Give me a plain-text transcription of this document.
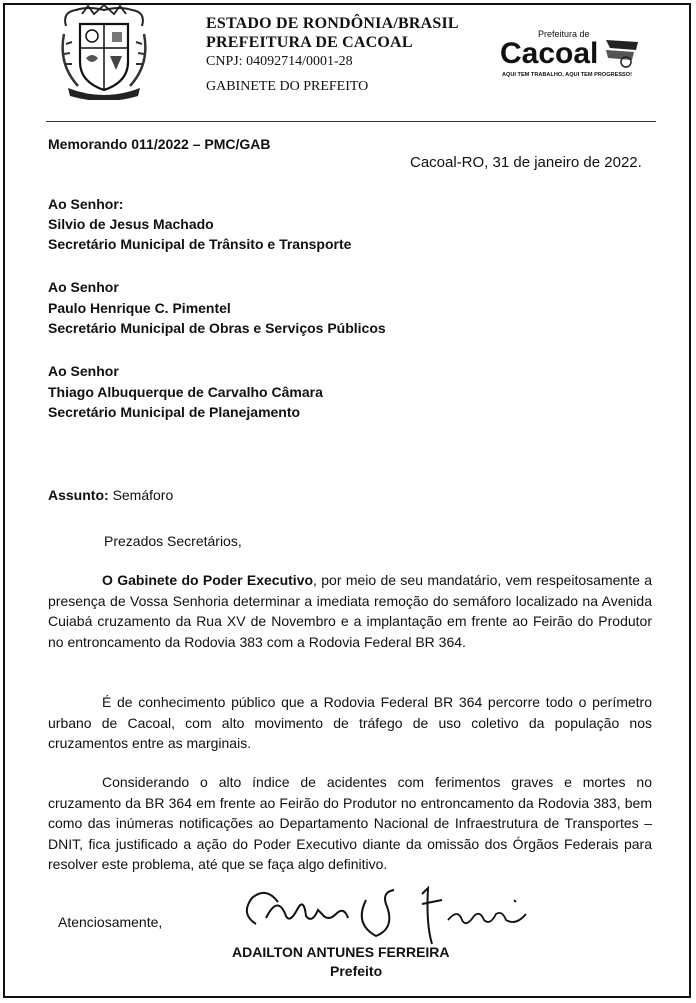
ESTADO DE RONDÔNIA/BRASIL
PREFEITURA DE CACOAL
CNPJ: 04092714/0001-28
GABINETE DO PREFEITO
Prefeitura de
Cacoal
AQUI TEM TRABALHO, AQUI TEM PROGRESSO!
Memorando 011/2022 – PMC/GAB
Cacoal-RO, 31 de janeiro de 2022.
Ao Senhor:
Silvio de Jesus Machado
Secretário Municipal de Trânsito e Transporte
Ao Senhor
Paulo Henrique C. Pimentel
Secretário Municipal de Obras e Serviços Públicos
Ao Senhor
Thiago Albuquerque de Carvalho Câmara
Secretário Municipal de Planejamento
Assunto: Semáforo
Prezados Secretários,

O Gabinete do Poder Executivo, por meio de seu mandatário, vem respeitosamente a presença de Vossa Senhoria determinar a imediata remoção do semáforo localizado na Avenida Cuiabá cruzamento da Rua XV de Novembro e a implantação em frente ao Feirão do Produtor no entroncamento da Rodovia 383 com a Rodovia Federal BR 364.

É de conhecimento público que a Rodovia Federal BR 364 percorre todo o perímetro urbano de Cacoal, com alto movimento de tráfego de uso coletivo da população nos cruzamentos entre as marginais.

Considerando o alto índice de acidentes com ferimentos graves e mortes no cruzamento da BR 364 em frente ao Feirão do Produtor no entroncamento da Rodovia 383, bem como das inúmeras notificações ao Departamento Nacional de Infraestrutura de Transportes – DNIT, fica justificado a ação do Poder Executivo diante da omissão dos Órgãos Federais para resolver este problema, até que se faça algo definitivo.

Atenciosamente,
ADAILTON ANTUNES FERREIRA
Prefeito
